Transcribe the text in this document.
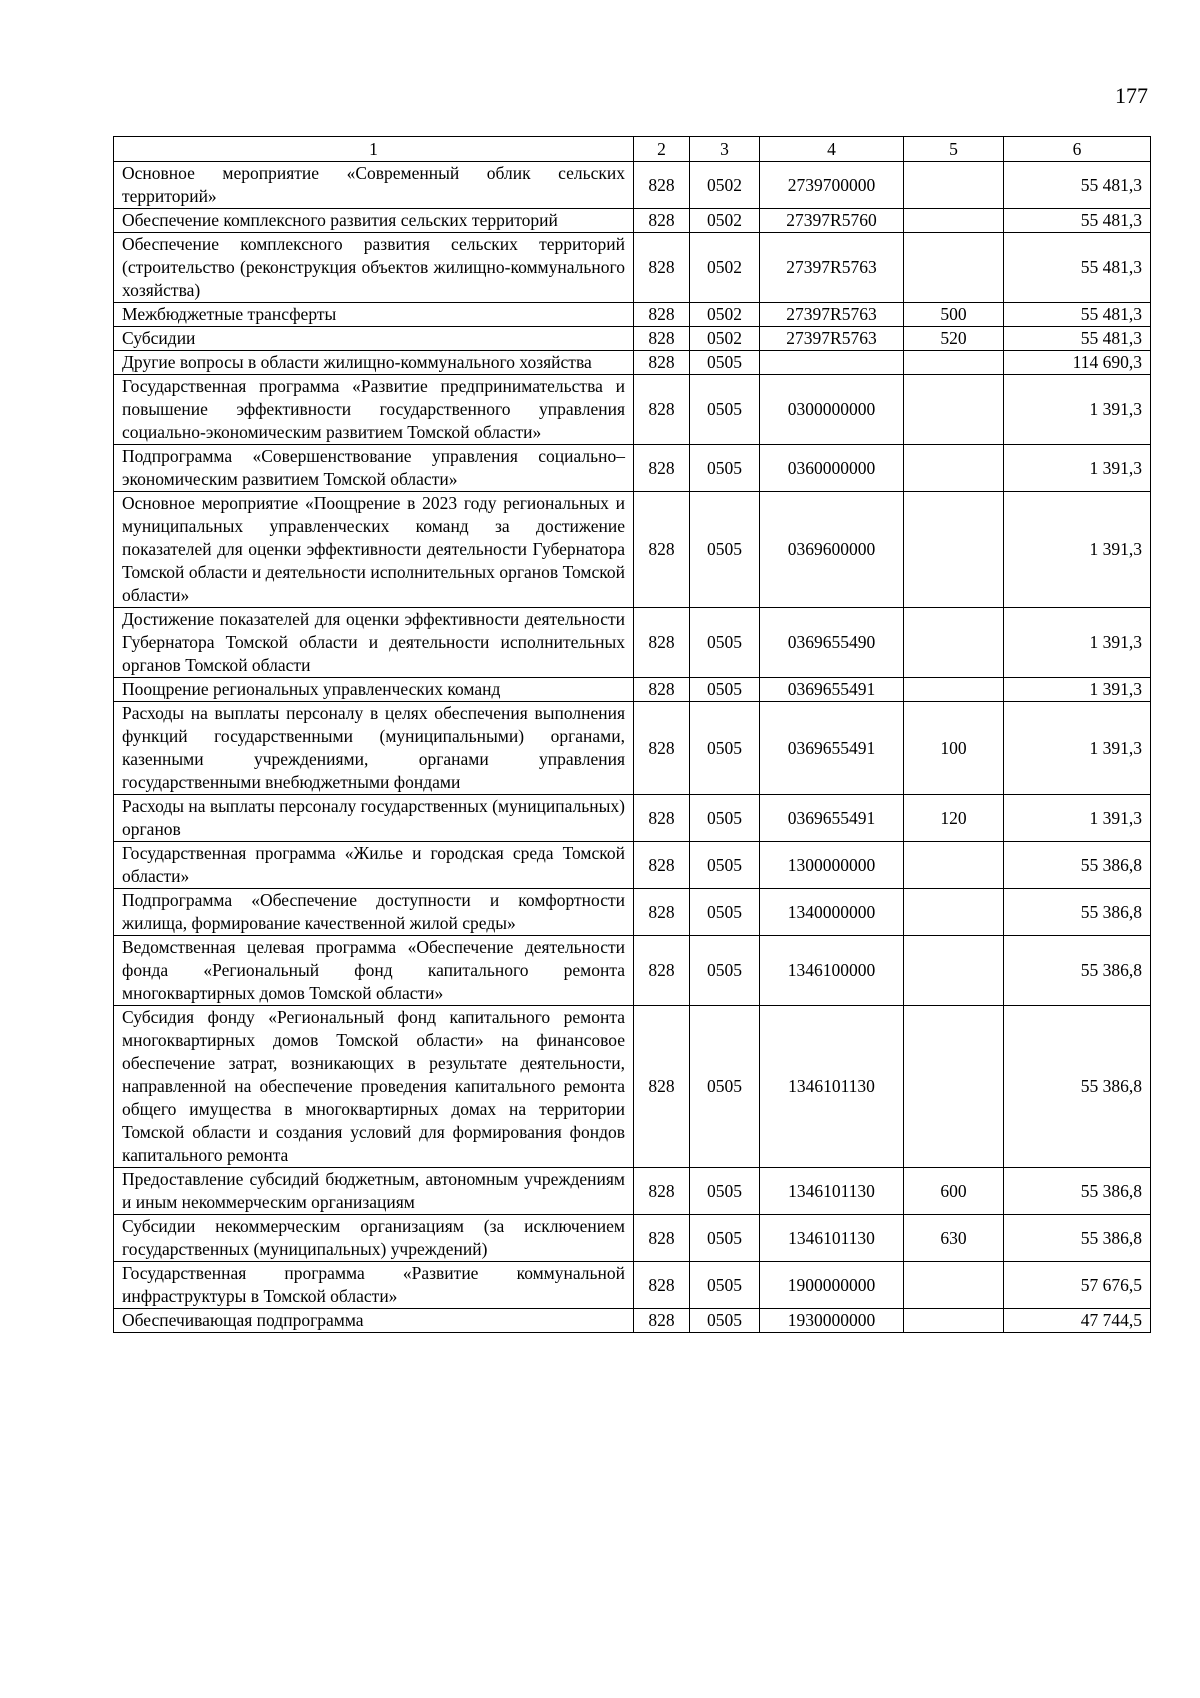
177
1	2	3	4	5	6
Основное мероприятие «Современный облик сельских территорий»	828	0502	2739700000		55 481,3
Обеспечение комплексного развития сельских территорий	828	0502	27397R5760		55 481,3
Обеспечение комплексного развития сельских территорий (строительство (реконструкция объектов жилищно-коммунального хозяйства)	828	0502	27397R5763		55 481,3
Межбюджетные трансферты	828	0502	27397R5763	500	55 481,3
Субсидии	828	0502	27397R5763	520	55 481,3
Другие вопросы в области жилищно-коммунального хозяйства	828	0505			114 690,3
Государственная программа «Развитие предпринимательства и повышение эффективности государственного управления социально-экономическим развитием Томской области»	828	0505	0300000000		1 391,3
Подпрограмма «Совершенствование управления социально–экономическим развитием Томской области»	828	0505	0360000000		1 391,3
Основное мероприятие «Поощрение в 2023 году региональных и муниципальных управленческих команд за достижение показателей для оценки эффективности деятельности Губернатора Томской области и деятельности исполнительных органов Томской области»	828	0505	0369600000		1 391,3
Достижение показателей для оценки эффективности деятельности Губернатора Томской области и деятельности исполнительных органов Томской области	828	0505	0369655490		1 391,3
Поощрение региональных управленческих команд	828	0505	0369655491		1 391,3
Расходы на выплаты персоналу в целях обеспечения выполнения функций государственными (муниципальными) органами, казенными учреждениями, органами управления государственными внебюджетными фондами	828	0505	0369655491	100	1 391,3
Расходы на выплаты персоналу государственных (муниципальных) органов	828	0505	0369655491	120	1 391,3
Государственная программа «Жилье и городская среда Томской области»	828	0505	1300000000		55 386,8
Подпрограмма «Обеспечение доступности и комфортности жилища, формирование качественной жилой среды»	828	0505	1340000000		55 386,8
Ведомственная целевая программа «Обеспечение деятельности фонда «Региональный фонд капитального ремонта многоквартирных домов Томской области»	828	0505	1346100000		55 386,8
Субсидия фонду «Региональный фонд капитального ремонта многоквартирных домов Томской области» на финансовое обеспечение затрат, возникающих в результате деятельности, направленной на обеспечение проведения капитального ремонта общего имущества в многоквартирных домах на территории Томской области и создания условий для формирования фондов капитального ремонта	828	0505	1346101130		55 386,8
Предоставление субсидий бюджетным, автономным учреждениям и иным некоммерческим организациям	828	0505	1346101130	600	55 386,8
Субсидии некоммерческим организациям (за исключением государственных (муниципальных) учреждений)	828	0505	1346101130	630	55 386,8
Государственная программа «Развитие коммунальной инфраструктуры в Томской области»	828	0505	1900000000		57 676,5
Обеспечивающая подпрограмма	828	0505	1930000000		47 744,5
